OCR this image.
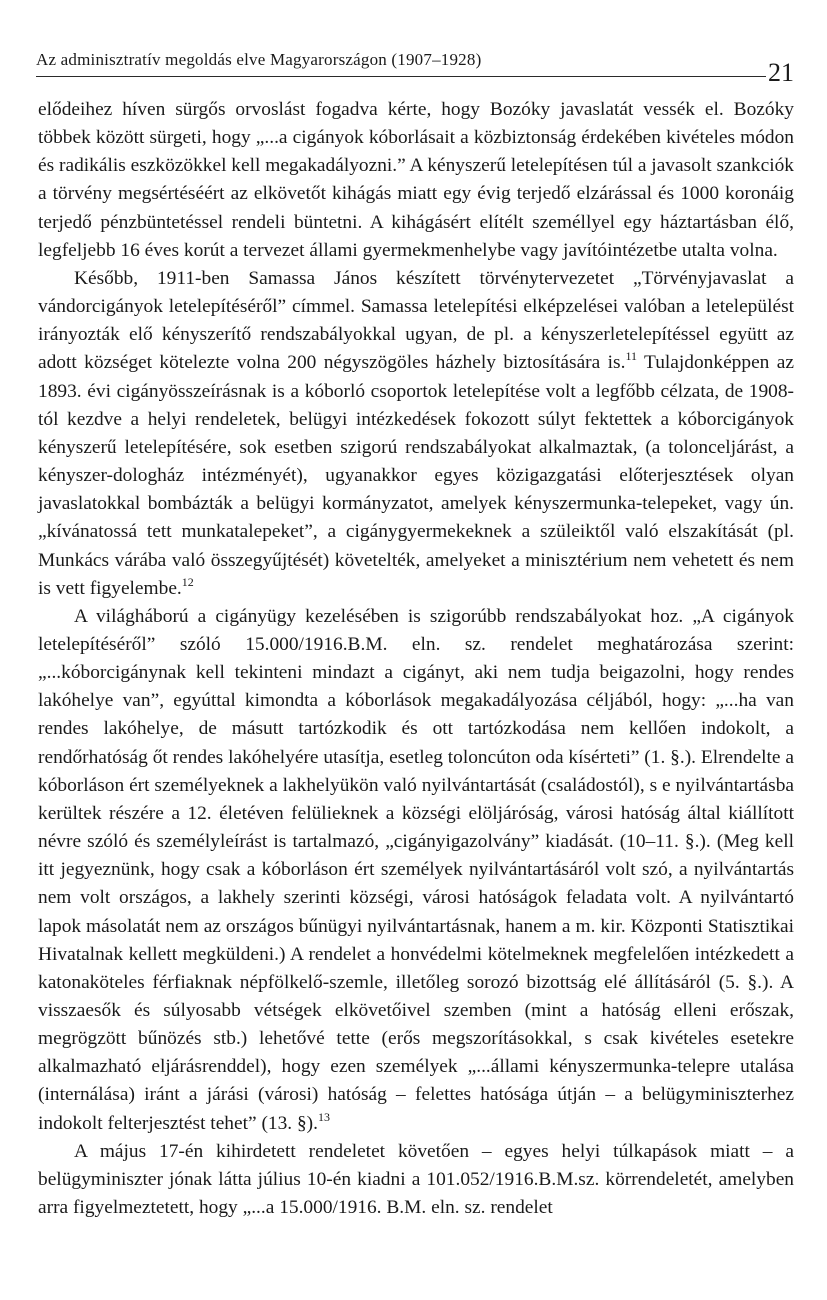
Az adminisztratív megoldás elve Magyarországon (1907–1928)	21

elődeihez híven sürgős orvoslást fogadva kérte, hogy Bozóky javaslatát vessék el. Bozóky többek között sürgeti, hogy „...a cigányok kóborlásait a közbiztonság érdekében kivételes módon és radikális eszközökkel kell megakadályozni.” A kényszerű letelepítésen túl a javasolt szankciók a törvény megsértéséért az elkövetőt kihágás miatt egy évig terjedő elzárással és 1000 koronáig terjedő pénzbüntetéssel rendeli büntetni. A kihágásért elítélt személlyel egy háztartásban élő, legfeljebb 16 éves korút a tervezet állami gyermekmenhelybe vagy javítóintézetbe utalta volna.

Később, 1911-ben Samassa János készített törvénytervezetet „Törvényjavaslat a vándorcigányok letelepítéséről” címmel. Samassa letelepítési elképzelései valóban a letelepülést irányozták elő kényszerítő rendszabályokkal ugyan, de pl. a kényszerletelepítéssel együtt az adott községet kötelezte volna 200 négyszögöles házhely biztosítására is.$^{11}$ Tulajdonképpen az 1893. évi cigányösszeírásnak is a kóborló csoportok letelepítése volt a legfőbb célzata, de 1908-tól kezdve a helyi rendeletek, belügyi intézkedések fokozott súlyt fektettek a kóborcigányok kényszerű letelepítésére, sok esetben szigorú rendszabályokat alkalmaztak, (a tolonceljárást, a kényszer-dologház intézményét), ugyanakkor egyes közigazgatási előterjesztések olyan javaslatokkal bombázták a belügyi kormányzatot, amelyek kényszermunka-telepeket, vagy ún. „kívánatossá tett munkatalepeket”, a cigánygyermekeknek a szüleiktől való elszakítását (pl. Munkács várába való összegyűjtését) követelték, amelyeket a minisztérium nem vehetett és nem is vett figyelembe.$^{12}$

A világháború a cigányügy kezelésében is szigorúbb rendszabályokat hoz. „A cigányok letelepítéséről” szóló 15.000/1916.B.M. eln. sz. rendelet meghatározása szerint: „...kóborcigánynak kell tekinteni mindazt a cigányt, aki nem tudja beigazolni, hogy rendes lakóhelye van”, egyúttal kimondta a kóborlások megakadályozása céljából, hogy: „...ha van rendes lakóhelye, de másutt tartózkodik és ott tartózkodása nem kellően indokolt, a rendőrhatóság őt rendes lakóhelyére utasítja, esetleg toloncúton oda kísérteti” (1. §.). Elrendelte a kóborláson ért személyeknek a lakhelyükön való nyilvántartását (családostól), s e nyilvántartásba kerültek részére a 12. életéven felülieknek a községi elöljáróság, városi hatóság által kiállított névre szóló és személyleírást is tartalmazó, „cigányigazolvány” kiadását. (10–11. §.). (Meg kell itt jegyeznünk, hogy csak a kóborláson ért személyek nyilvántartásáról volt szó, a nyilvántartás nem volt országos, a lakhely szerinti községi, városi hatóságok feladata volt. A nyilvántartó lapok másolatát nem az országos bűnügyi nyilvántartásnak, hanem a m. kir. Központi Statisztikai Hivatalnak kellett megküldeni.) A rendelet a honvédelmi kötelmeknek megfelelően intézkedett a katonaköteles férfiaknak népfölkelő-szemle, illetőleg sorozó bizottság elé állításáról (5. §.). A visszaesők és súlyosabb vétségek elkövetőivel szemben (mint a hatóság elleni erőszak, megrögzött bűnözés stb.) lehetővé tette (erős megszorításokkal, s csak kivételes esetekre alkalmazható eljárásrenddel), hogy ezen személyek „...állami kényszermunka-telepre utalása (internálása) iránt a járási (városi) hatóság – felettes hatósága útján – a belügyminiszterhez indokolt felterjesztést tehet” (13. §).$^{13}$

A május 17-én kihirdetett rendeletet követően – egyes helyi túlkapások miatt – a belügyminiszter jónak látta július 10-én kiadni a 101.052/1916.B.M.sz. körrendeletét, amelyben arra figyelmeztetett, hogy „...a 15.000/1916. B.M. eln. sz. rendelet
